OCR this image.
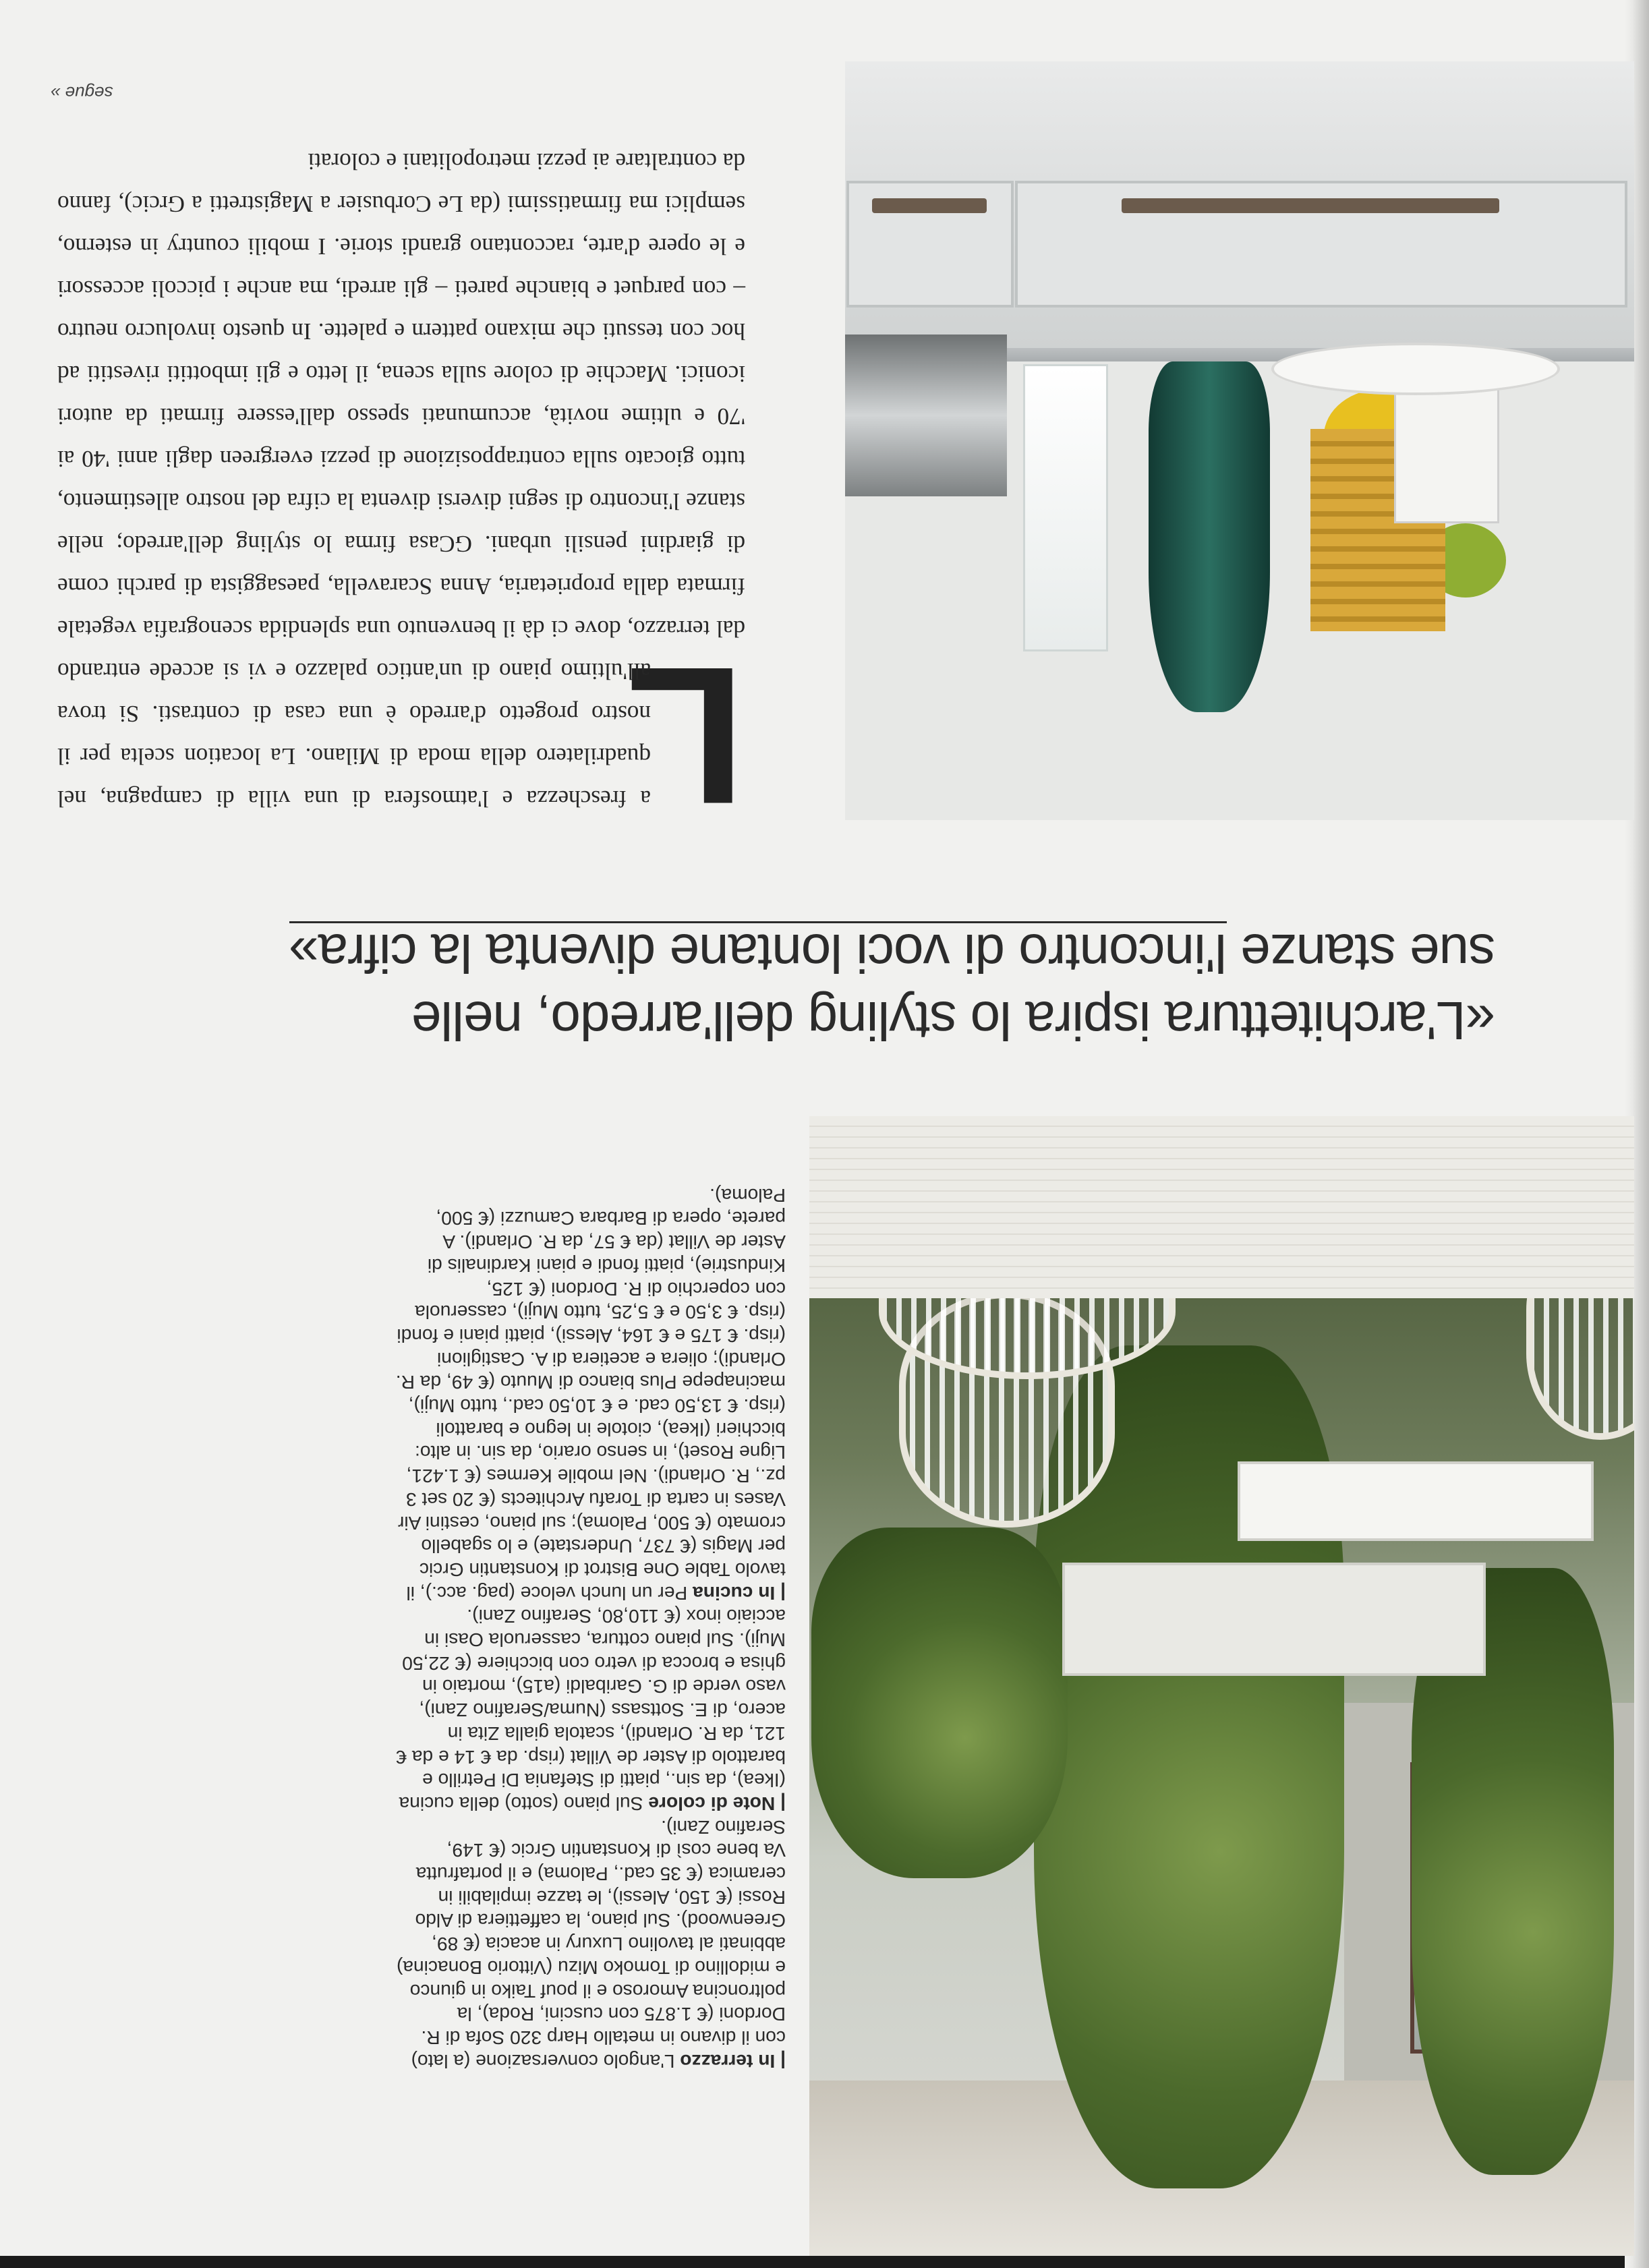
«L'architettura ispira lo styling dell'arredo, nelle
sue stanze l'incontro di voci lontane diventa la cifra»

| In terrazzo L'angolo conversazione (a lato) con il divano in metallo Harp 320 Sofa di R. Dordoni (€ 1.875 con cuscini, Roda), la poltroncina Amoroso e il pouf Taiko in giunco e midollino di Tomoko Mizu (Vittorio Bonacina) abbinati al tavolino Luxury in acacia (€ 89, Greenwood). Sul piano, la caffettiera di Aldo Rossi (€ 150, Alessi), le tazze impilabili in ceramica (€ 35 cad., Paloma) e il portafrutta Va bene così di Konstantin Grcic (€ 149, Serafino Zani).

| Note di colore Sul piano (sotto) della cucina (Ikea), da sin., piatti di Stefania Di Petrillo e barattolo di Aster de Villat (risp. da € 14 e da € 121, da R. Orlandi), scatola gialla Zita in acero, di E. Sottsass (Numa/Serafino Zani), vaso verde di G. Garibaldi (a15), mortaio in ghisa e brocca di vetro con bicchiere (€ 22,50 Muji). Sul piano cottura, casseruola Oasi in acciaio inox (€ 110,80, Serafino Zani).

| In cucina Per un lunch veloce (pag. acc.), il tavolo Table One Bistrot di Konstantin Grcic per Magis (€ 737, Understate) e lo sgabello cromato (€ 500, Paloma); sul piano, cestini Air Vases in carta di Torafu Architects (€ 20 set 3 pz., R. Orlandi). Nel mobile Kermes (€ 1.421, Ligne Roset), in senso orario, da sin. in alto: bicchieri (Ikea), ciotole in legno e barattoli (risp. € 13,50 cad. e € 10,50 cad., tutto Muji), macinapepe Plus bianco di Muuto (€ 49, da R. Orlandi); oliera e acetiera di A. Castiglioni (risp. € 175 e € 164, Alessi), piatti piani e fondi (risp. € 3,50 e € 5,25, tutto Muji), casseruola con coperchio di R. Dordoni (€ 125, Kindustrie), piatti fondi e piani Kardinalis di Aster de Villat (da € 57, da R. Orlandi). A parete, opera di Barbara Camuzzi (€ 500, Paloma).

L

a freschezza e l'atmosfera di una villa di campagna, nel quadrilatero della moda di Milano. La location scelta per il nostro progetto d'arredo è una casa di contrasti. Si trova all'ultimo piano di un'antico palazzo e vi si accede entrando dal terrazzo, dove ci dà il benvenuto una splendida scenografia vegetale firmata dalla proprietaria, Anna Scaravella, paesaggista di parchi come di giardini pensili urbani. GCasa firma lo styling dell'arredo; nelle stanze l'incontro di segni diversi diventa la cifra del nostro allestimento, tutto giocato sulla contrapposizione di pezzi evergreen dagli anni '40 ai '70 e ultime novità, accumunati spesso dall'essere firmati da autori iconici. Macchie di colore sulla scena, il letto e gli imbottiti rivestiti ad hoc con tessuti che mixano pattern e palette. In questo involucro neutro – con parquet e bianche pareti – gli arredi, ma anche i piccoli accessori e le opere d'arte, raccontano grandi storie. I mobili country in esterno, semplici ma firmatissimi (da Le Corbusier a Magistretti a Grcic), fanno da contraltare ai pezzi metropolitani e colorati

segue »
